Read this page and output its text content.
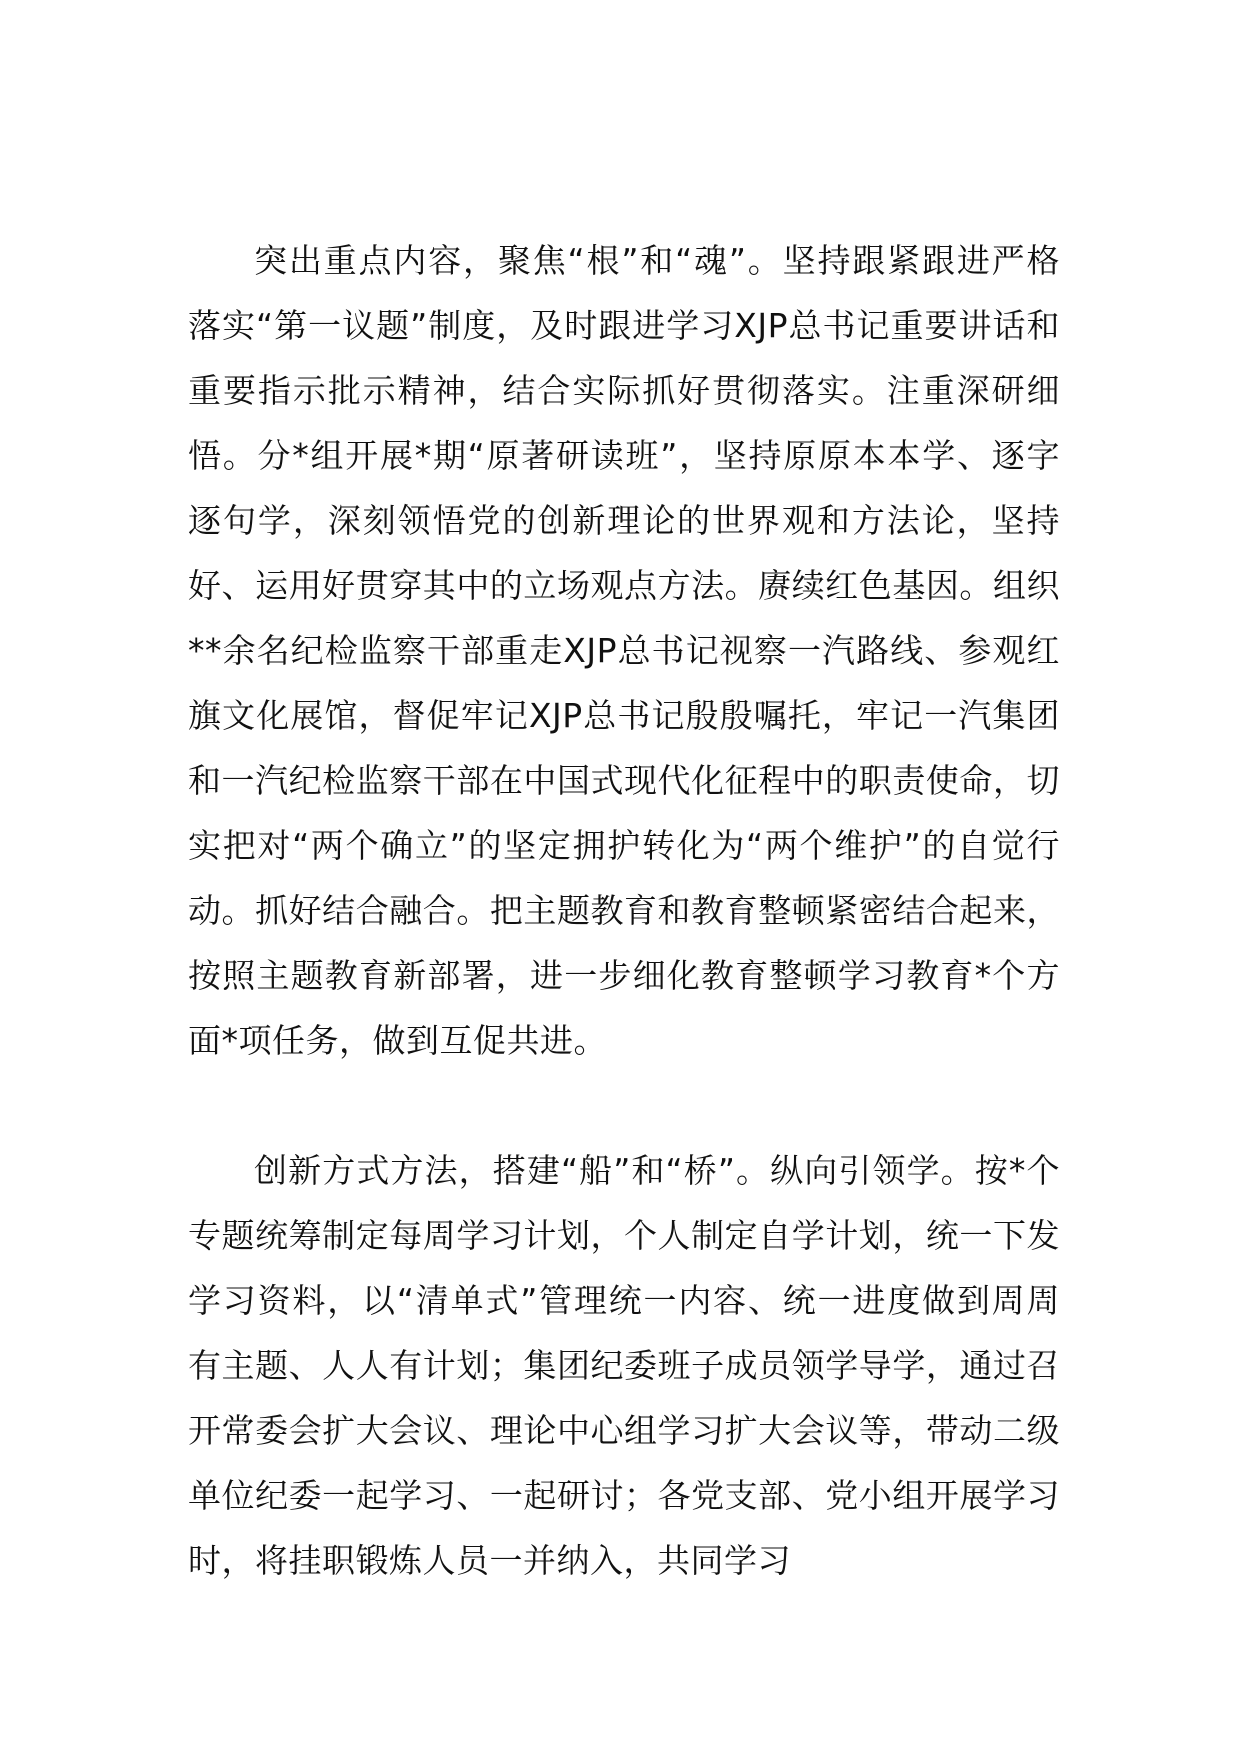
突出重点内容，聚焦“根”和“魂”。坚持跟紧跟进严格落实“第一议题”制度，及时跟进学习XJP总书记重要讲话和重要指示批示精神，结合实际抓好贯彻落实。注重深研细悟。分*组开展*期“原著研读班”，坚持原原本本学、逐字逐句学，深刻领悟党的创新理论的世界观和方法论，坚持好、运用好贯穿其中的立场观点方法。赓续红色基因。组织**余名纪检监察干部重走XJP总书记视察一汽路线、参观红旗文化展馆，督促牢记XJP总书记殷殷嘱托，牢记一汽集团和一汽纪检监察干部在中国式现代化征程中的职责使命，切实把对“两个确立”的坚定拥护转化为“两个维护”的自觉行动。抓好结合融合。把主题教育和教育整顿紧密结合起来，按照主题教育新部署，进一步细化教育整顿学习教育*个方面*项任务，做到互促共进。

创新方式方法，搭建“船”和“桥”。纵向引领学。按*个专题统筹制定每周学习计划，个人制定自学计划，统一下发学习资料，以“清单式”管理统一内容、统一进度做到周周有主题、人人有计划；集团纪委班子成员领学导学，通过召开常委会扩大会议、理论中心组学习扩大会议等，带动二级单位纪委一起学习、一起研讨；各党支部、党小组开展学习时，将挂职锻炼人员一并纳入，共同学习
